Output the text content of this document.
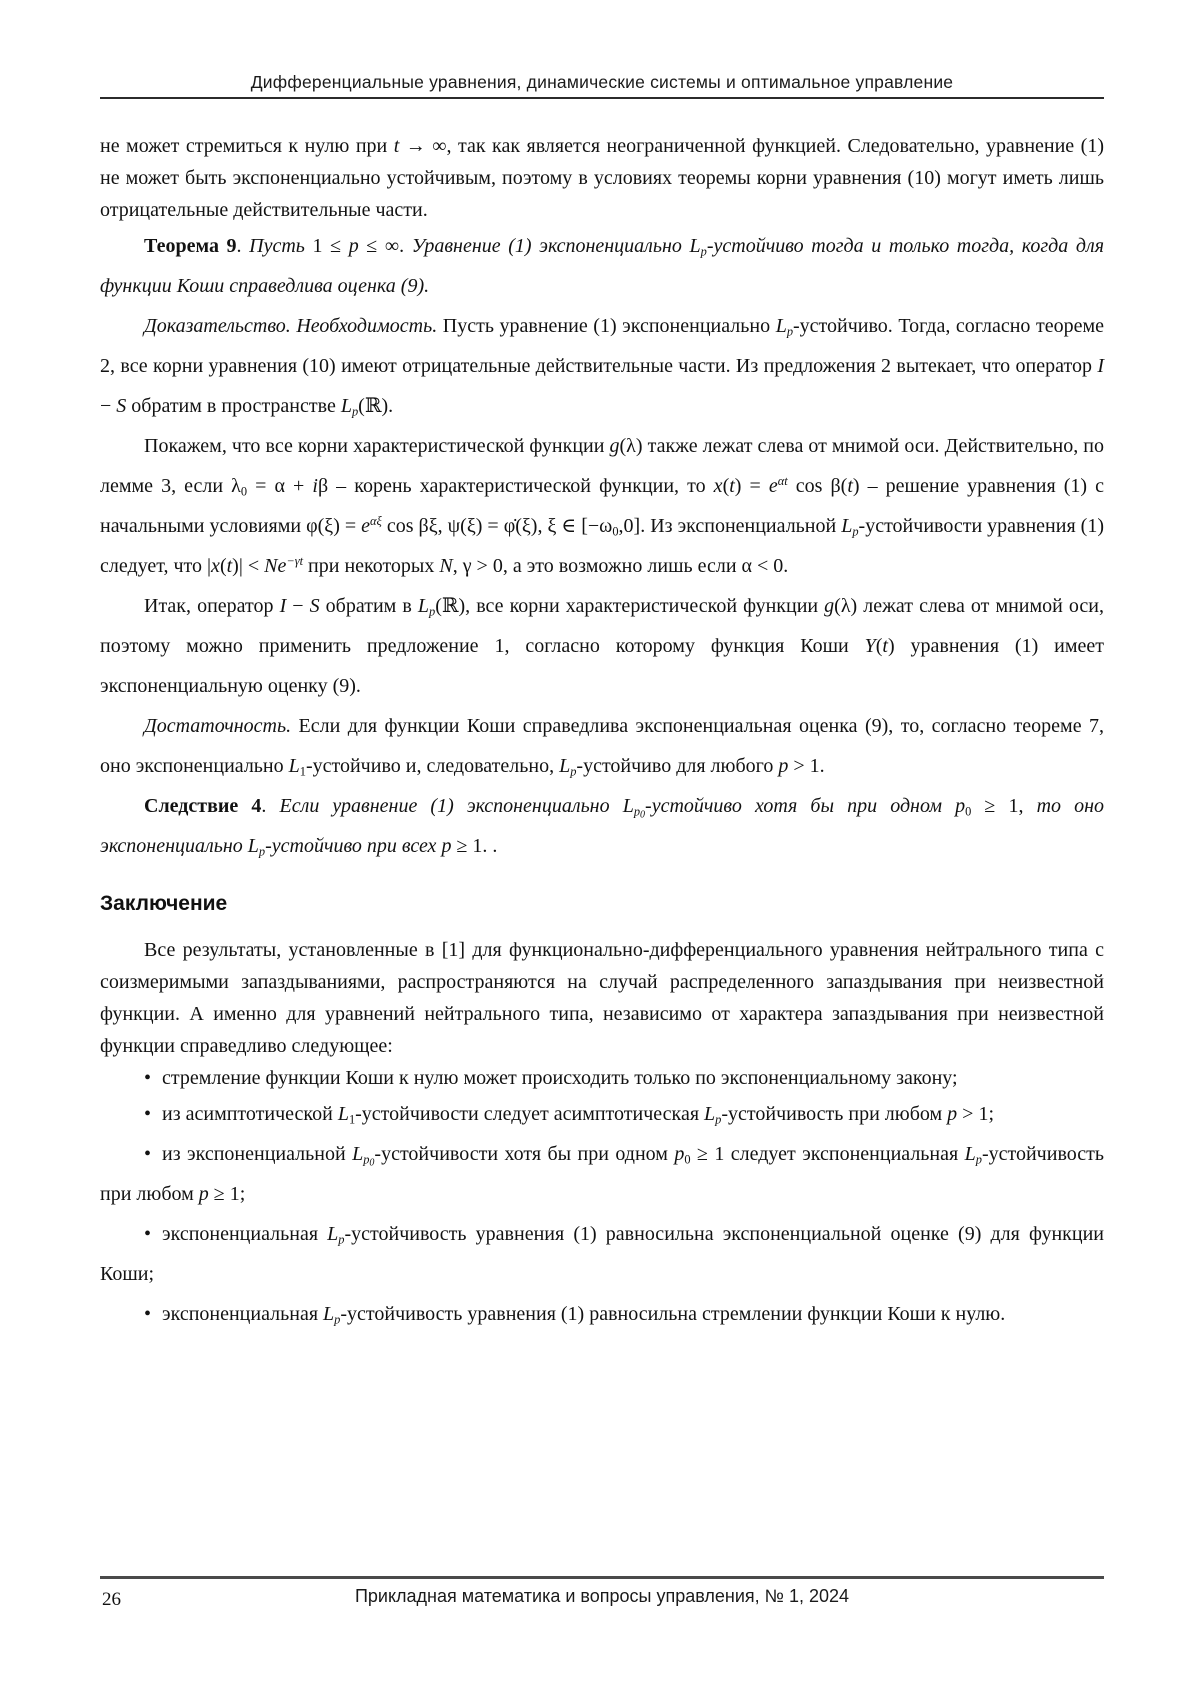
Дифференциальные уравнения, динамические системы и оптимальное управление

не может стремиться к нулю при t → ∞, так как является неограниченной функцией. Следовательно, уравнение (1) не может быть экспоненциально устойчивым, поэтому в условиях теоремы корни уравнения (10) могут иметь лишь отрицательные действительные части.

Теорема 9. Пусть 1 ≤ p ≤ ∞. Уравнение (1) экспоненциально $L_p$-устойчиво тогда и только тогда, когда для функции Коши справедлива оценка (9).

Доказательство. Необходимость. Пусть уравнение (1) экспоненциально $L_p$-устойчиво. Тогда, согласно теореме 2, все корни уравнения (10) имеют отрицательные действительные части. Из предложения 2 вытекает, что оператор I − S обратим в пространстве $L_p(ℝ)$.

Покажем, что все корни характеристической функции g(λ) также лежат слева от мнимой оси. Действительно, по лемме 3, если $\lambda_0 = \alpha + i\beta$ – корень характеристической функции, то $x(t) = e^{\alpha t}$ cos β(t) – решение уравнения (1) с начальными условиями $\varphi(\xi) = e^{\alpha\xi}$ cos βξ, ψ(ξ) = φ̇(ξ), ξ ∈ $[-\omega_0,0]$. Из экспоненциальной $L_p$-устойчивости уравнения (1) следует, что $|x(t)| < Ne^{-\gamma t}$ при некоторых N, γ > 0, а это возможно лишь если α < 0.

Итак, оператор I − S обратим в $L_p(ℝ)$, все корни характеристической функции g(λ) лежат слева от мнимой оси, поэтому можно применить предложение 1, согласно которому функция Коши Y(t) уравнения (1) имеет экспоненциальную оценку (9).

Достаточность. Если для функции Коши справедлива экспоненциальная оценка (9), то, согласно теореме 7, оно экспоненциально $L_1$-устойчиво и, следовательно, $L_p$-устойчиво для любого p > 1.

Следствие 4. Если уравнение (1) экспоненциально $L_{p0}$-устойчиво хотя бы при одном $p_0 \ge 1$, то оно экспоненциально $L_p$-устойчиво при всех p ≥ 1. .

Заключение

Все результаты, установленные в [1] для функционально-дифференциального уравнения нейтрального типа с соизмеримыми запаздываниями, распространяются на случай распределенного запаздывания при неизвестной функции. А именно для уравнений нейтрального типа, независимо от характера запаздывания при неизвестной функции справедливо следующее:

• стремление функции Коши к нулю может происходить только по экспоненциальному закону;

• из асимптотической $L_1$-устойчивости следует асимптотическая $L_p$-устойчивость при любом p > 1;

• из экспоненциальной $L_{p0}$-устойчивости хотя бы при одном $p_0 \ge 1$ следует экспоненциальная $L_p$-устойчивость при любом p ≥ 1;

• экспоненциальная $L_p$-устойчивость уравнения (1) равносильна экспоненциальной оценке (9) для функции Коши;

• экспоненциальная $L_p$-устойчивость уравнения (1) равносильна стремлении функции Коши к нулю.

26	Прикладная математика и вопросы управления, № 1, 2024
